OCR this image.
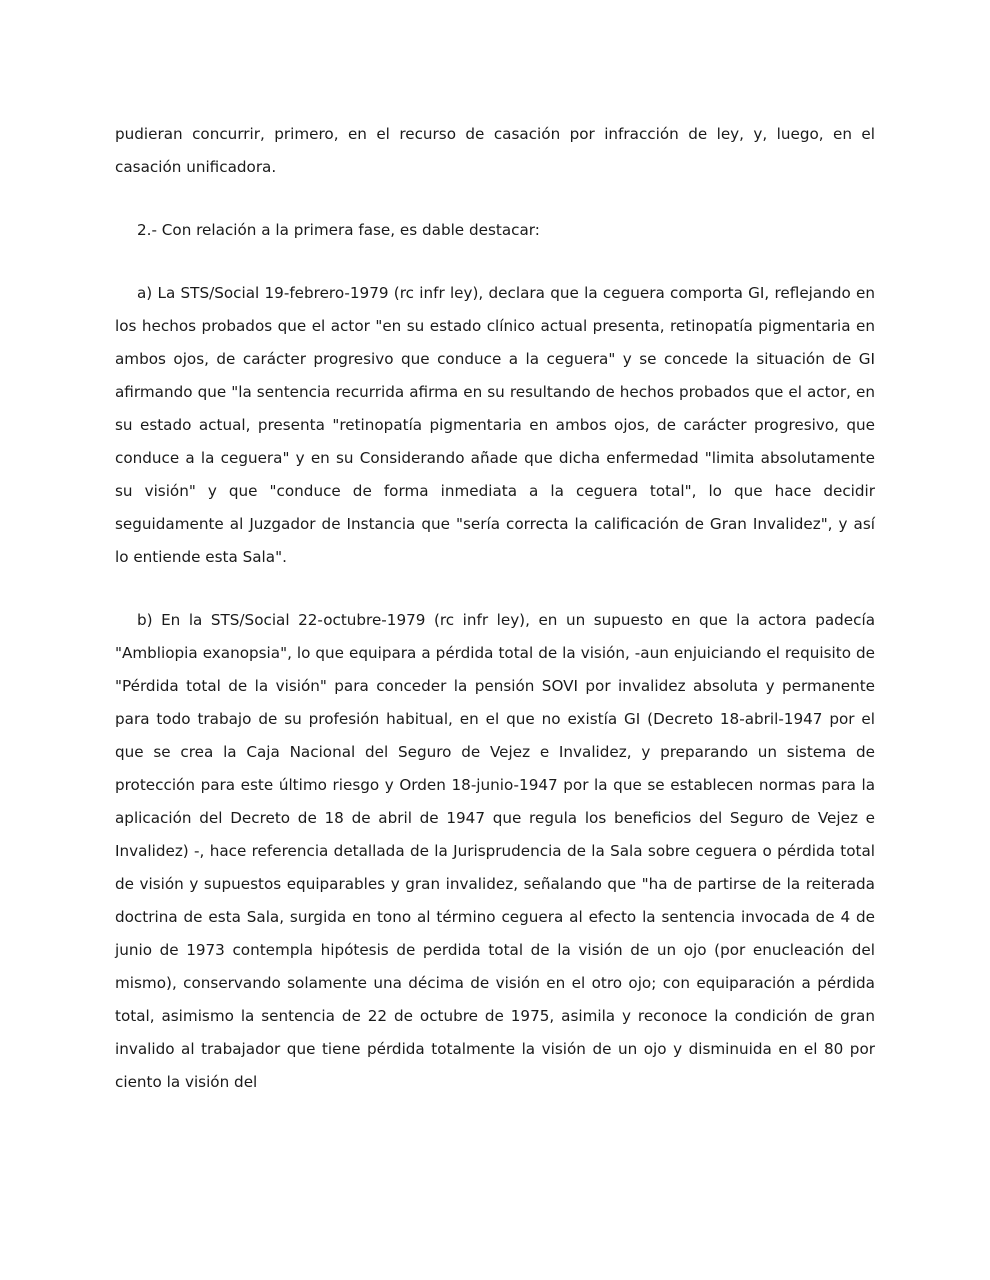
pudieran concurrir, primero, en el recurso de casación por infracción de ley, y, luego, en el casación unificadora.

2.- Con relación a la primera fase, es dable destacar:

a) La STS/Social 19-febrero-1979 (rc infr ley), declara que la ceguera comporta GI, reflejando en los hechos probados que el actor "en su estado clínico actual presenta, retinopatía pigmentaria en ambos ojos, de carácter progresivo que conduce a la ceguera" y se concede la situación de GI afirmando que "la sentencia recurrida afirma en su resultando de hechos probados que el actor, en su estado actual, presenta "retinopatía pigmentaria en ambos ojos, de carácter progresivo, que conduce a la ceguera" y en su Considerando añade que dicha enfermedad "limita absolutamente su visión" y que "conduce de forma inmediata a la ceguera total", lo que hace decidir seguidamente al Juzgador de Instancia que "sería correcta la calificación de Gran Invalidez", y así lo entiende esta Sala".

b) En la STS/Social 22-octubre-1979 (rc infr ley), en un supuesto en que la actora padecía "Ambliopia exanopsia", lo que equipara a pérdida total de la visión, -aun enjuiciando el requisito de "Pérdida total de la visión" para conceder la pensión SOVI por invalidez absoluta y permanente para todo trabajo de su profesión habitual, en el que no existía GI (Decreto 18-abril-1947 por el que se crea la Caja Nacional del Seguro de Vejez e Invalidez, y preparando un sistema de protección para este último riesgo y Orden 18-junio-1947 por la que se establecen normas para la aplicación del Decreto de 18 de abril de 1947 que regula los beneficios del Seguro de Vejez e Invalidez) -, hace referencia detallada de la Jurisprudencia de la Sala sobre ceguera o pérdida total de visión y supuestos equiparables y gran invalidez, señalando que "ha de partirse de la reiterada doctrina de esta Sala, surgida en tono al término ceguera al efecto la sentencia invocada de 4 de junio de 1973 contempla hipótesis de perdida total de la visión de un ojo (por enucleación del mismo), conservando solamente una décima de visión en el otro ojo; con equiparación a pérdida total, asimismo la sentencia de 22 de octubre de 1975, asimila y reconoce la condición de gran invalido al trabajador que tiene pérdida totalmente la visión de un ojo y disminuida en el 80 por ciento la visión del
